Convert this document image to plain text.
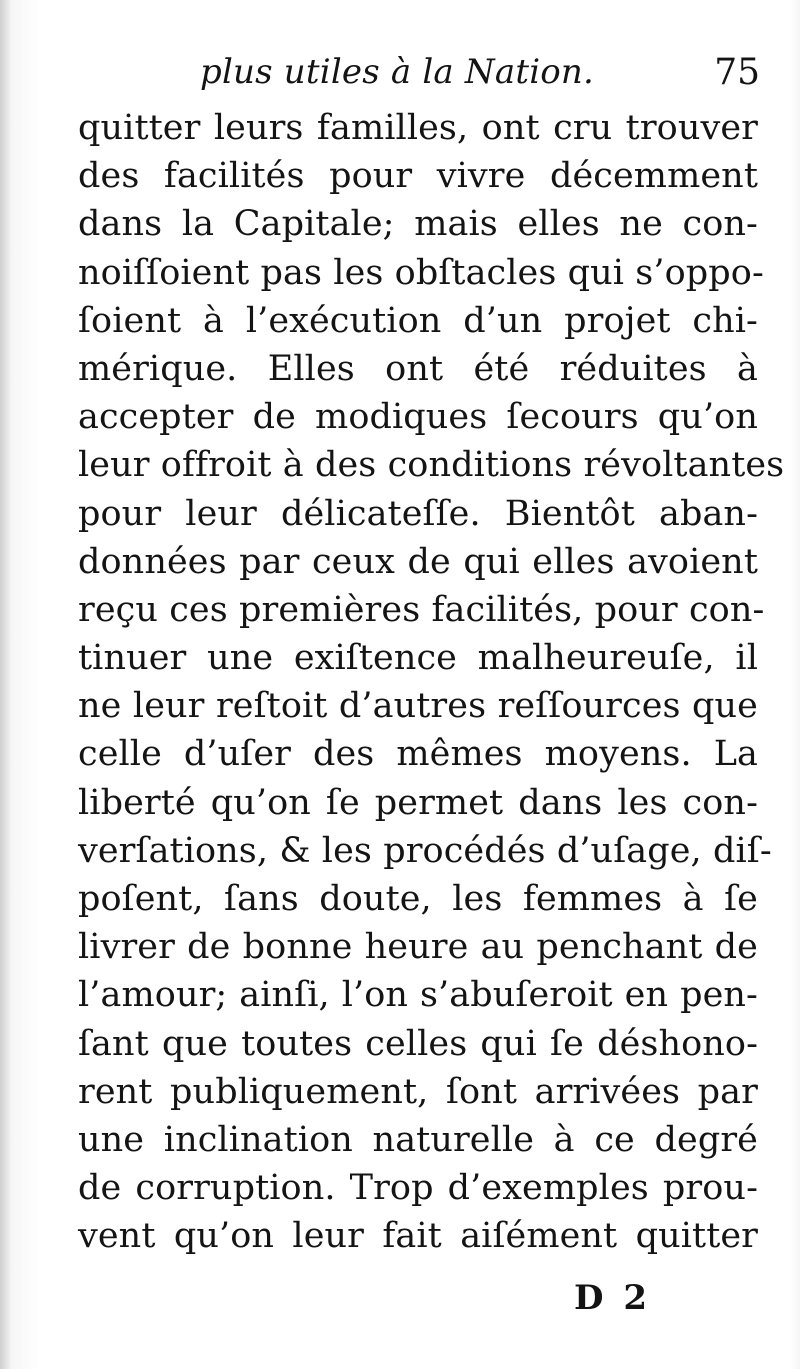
plus utiles à la Nation.	75
quitter leurs familles, ont cru trouver
des facilités pour vivre décemment
dans la Capitale; mais elles ne con-
noiſſoient pas les obſtacles qui s’oppo-
ſoient à l’exécution d’un projet chi-
mérique. Elles ont été réduites à
accepter de modiques ſecours qu’on
leur offroit à des conditions révoltantes
pour leur délicateſſe. Bientôt aban-
données par ceux de qui elles avoient
reçu ces premières facilités, pour con-
tinuer une exiſtence malheureuſe, il
ne leur reſtoit d’autres reſſources que
celle d’uſer des mêmes moyens. La
liberté qu’on ſe permet dans les con-
verſations, & les procédés d’uſage, diſ-
poſent, ſans doute, les femmes à ſe
livrer de bonne heure au penchant de
l’amour; ainſi, l’on s’abuſeroit en pen-
ſant que toutes celles qui ſe déshono-
rent publiquement, ſont arrivées par
une inclination naturelle à ce degré
de corruption. Trop d’exemples prou-
vent qu’on leur fait aiſément quitter
D 2
